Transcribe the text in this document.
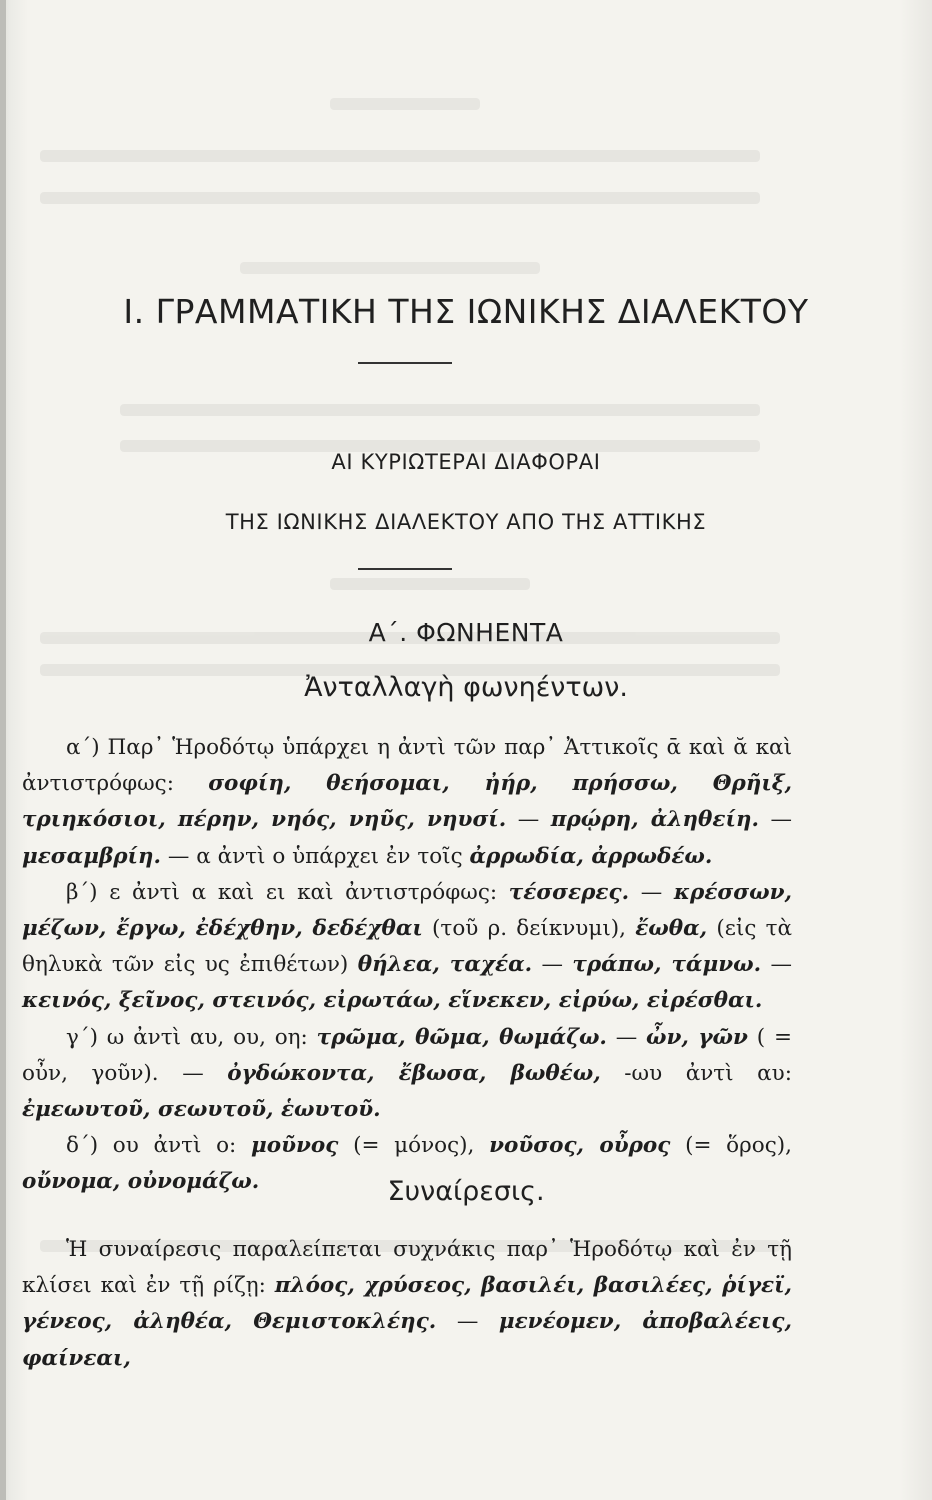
I. ΓΡΑΜΜΑΤΙΚΗ ΤΗΣ ΙΩΝΙΚΗΣ ΔΙΑΛΕΚΤΟΥ
ΑΙ ΚΥΡΙΩΤΕΡΑΙ ΔΙΑΦΟΡΑΙ
ΤΗΣ ΙΩΝΙΚΗΣ ΔΙΑΛΕΚΤΟΥ ΑΠΟ ΤΗΣ ΑΤΤΙΚΗΣ
Α΄. ΦΩΝΗΕΝΤΑ
Ἀνταλλαγὴ φωνηέντων.

α΄) Παρ᾿ Ἡροδότῳ ὑπάρχει η ἀντὶ τῶν παρ᾿ Ἀττικοῖς ᾱ καὶ ᾰ καὶ ἀντιστρόφως: σοφίη, θεήσομαι, ἠήρ, πρήσσω, Θρῆιξ, τριηκόσιοι, πέρην, νηός, νηῦς, νηυσί. — πρῴρη, ἀληθείη. — μεσαμβρίη. — α ἀντὶ ο ὑπάρχει ἐν τοῖς ἀρρωδία, ἀρρωδέω.

β΄) ε ἀντὶ α καὶ ει καὶ ἀντιστρόφως: τέσσερες. — κρέσσων, μέζων, ἔργω, ἐδέχθην, δεδέχθαι (τοῦ ρ. δείκνυμι), ἔωθα, (εἰς τὰ θηλυκὰ τῶν εἰς υς ἐπιθέτων) θήλεα, ταχέα. — τράπω, τάμνω. — κεινός, ξεῖνος, στεινός, εἰρωτάω, εἵνεκεν, εἰρύω, εἰρέσθαι.

γ΄) ω ἀντὶ αυ, ου, οη: τρῶμα, θῶμα, θωμάζω. — ὦν, γῶν ( = οὖν, γοῦν). — ὀγδώκοντα, ἔβωσα, βωθέω, -ωυ ἀντὶ αυ: ἐμεωυτοῦ, σεωυτοῦ, ἑωυτοῦ.

δ΄) ου ἀντὶ ο: μοῦνος (= μόνος), νοῦσος, οὖρος (= ὅρος), οὔνομα, οὐνομάζω.	Συναίρεσις.

Ἡ συναίρεσις παραλείπεται συχνάκις παρ᾿ Ἡροδότῳ καὶ ἐν τῇ κλίσει καὶ ἐν τῇ ρίζῃ: πλόος, χρύσεος, βασιλέι, βασιλέες, ῥίγεϊ, γένεος, ἀληθέα, Θεμιστοκλέης. — μενέομεν, ἀποβαλέεις, φαίνεαι,
